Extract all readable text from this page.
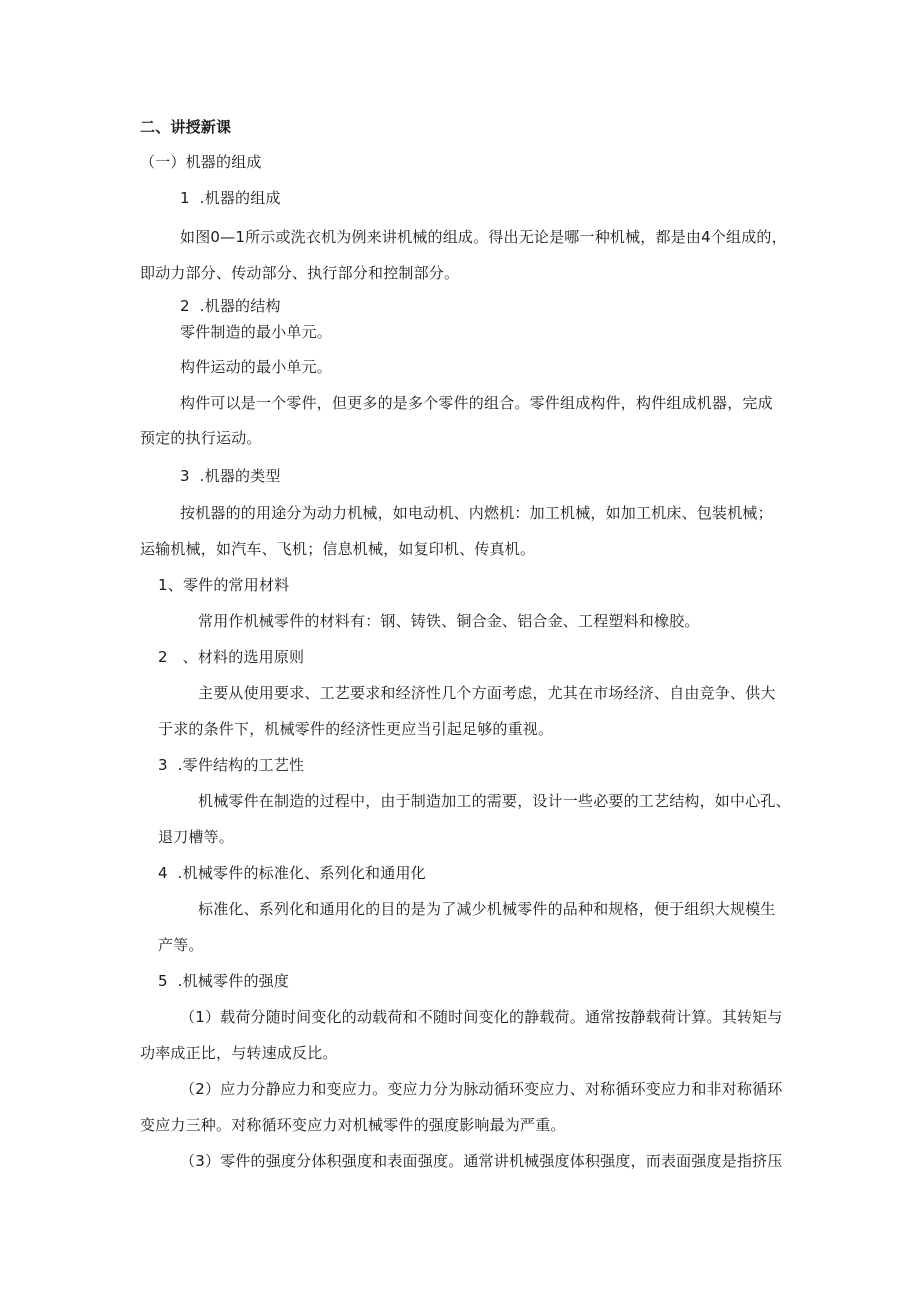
二、讲授新课
（一）机器的组成
1  .机器的组成
如图0—1所示或洗衣机为例来讲机械的组成。得出无论是哪一种机械，都是由4个组成的，
即动力部分、传动部分、执行部分和控制部分。
2  .机器的结构
零件制造的最小单元。
构件运动的最小单元。
构件可以是一个零件，但更多的是多个零件的组合。零件组成构件，构件组成机器，完成
预定的执行运动。
3  .机器的类型
按机器的的用途分为动力机械，如电动机、内燃机：加工机械，如加工机床、包装机械；
运输机械，如汽车、飞机；信息机械，如复印机、传真机。
1、零件的常用材料
常用作机械零件的材料有：钢、铸铁、铜合金、铝合金、工程塑料和橡胶。
2   、材料的选用原则
主要从使用要求、工艺要求和经济性几个方面考虑，尤其在市场经济、自由竞争、供大
于求的条件下，机械零件的经济性更应当引起足够的重视。
3  .零件结构的工艺性
机械零件在制造的过程中，由于制造加工的需要，设计一些必要的工艺结构，如中心孔、
退刀槽等。
4  .机械零件的标准化、系列化和通用化
标准化、系列化和通用化的目的是为了减少机械零件的品种和规格，便于组织大规模生
产等。
5  .机械零件的强度
（1）载荷分随时间变化的动载荷和不随时间变化的静载荷。通常按静载荷计算。其转矩与
功率成正比，与转速成反比。
（2）应力分静应力和变应力。变应力分为脉动循环变应力、对称循环变应力和非对称循环
变应力三种。对称循环变应力对机械零件的强度影响最为严重。
（3）零件的强度分体积强度和表面强度。通常讲机械强度体积强度，而表面强度是指挤压
